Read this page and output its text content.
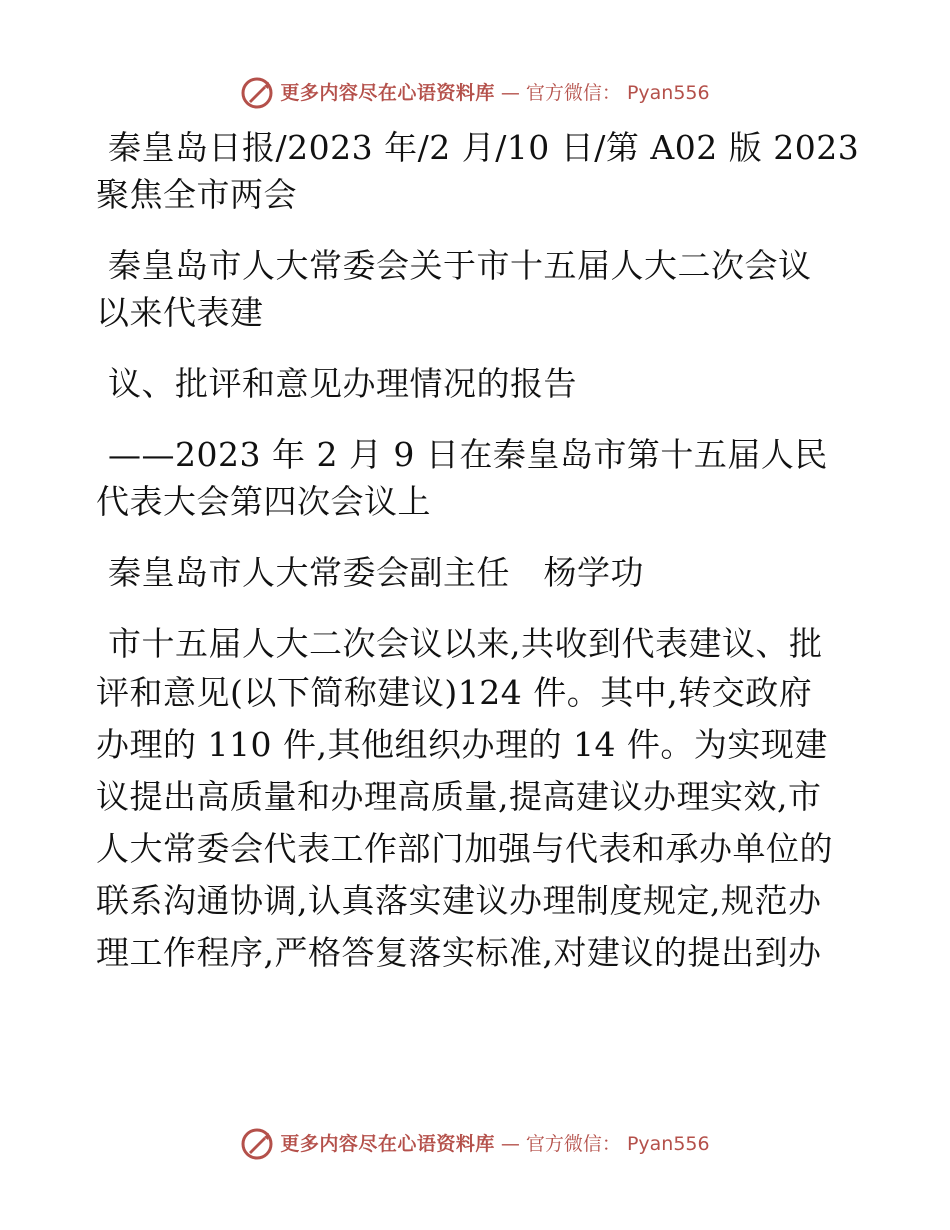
更多内容尽在心语资料库 — 官方微信： Pyan556
秦皇岛日报/2023 年/2 月/10 日/第 A02 版 2023
聚焦全市两会
秦皇岛市人大常委会关于市十五届人大二次会议
以来代表建
议、批评和意见办理情况的报告
——2023 年 2 月 9 日在秦皇岛市第十五届人民
代表大会第四次会议上
秦皇岛市人大常委会副主任　杨学功
市十五届人大二次会议以来,共收到代表建议、批
评和意见(以下简称建议)124 件。其中,转交政府
办理的 110 件,其他组织办理的 14 件。为实现建
议提出高质量和办理高质量,提高建议办理实效,市
人大常委会代表工作部门加强与代表和承办单位的
联系沟通协调,认真落实建议办理制度规定,规范办
理工作程序,严格答复落实标准,对建议的提出到办
更多内容尽在心语资料库 — 官方微信： Pyan556
